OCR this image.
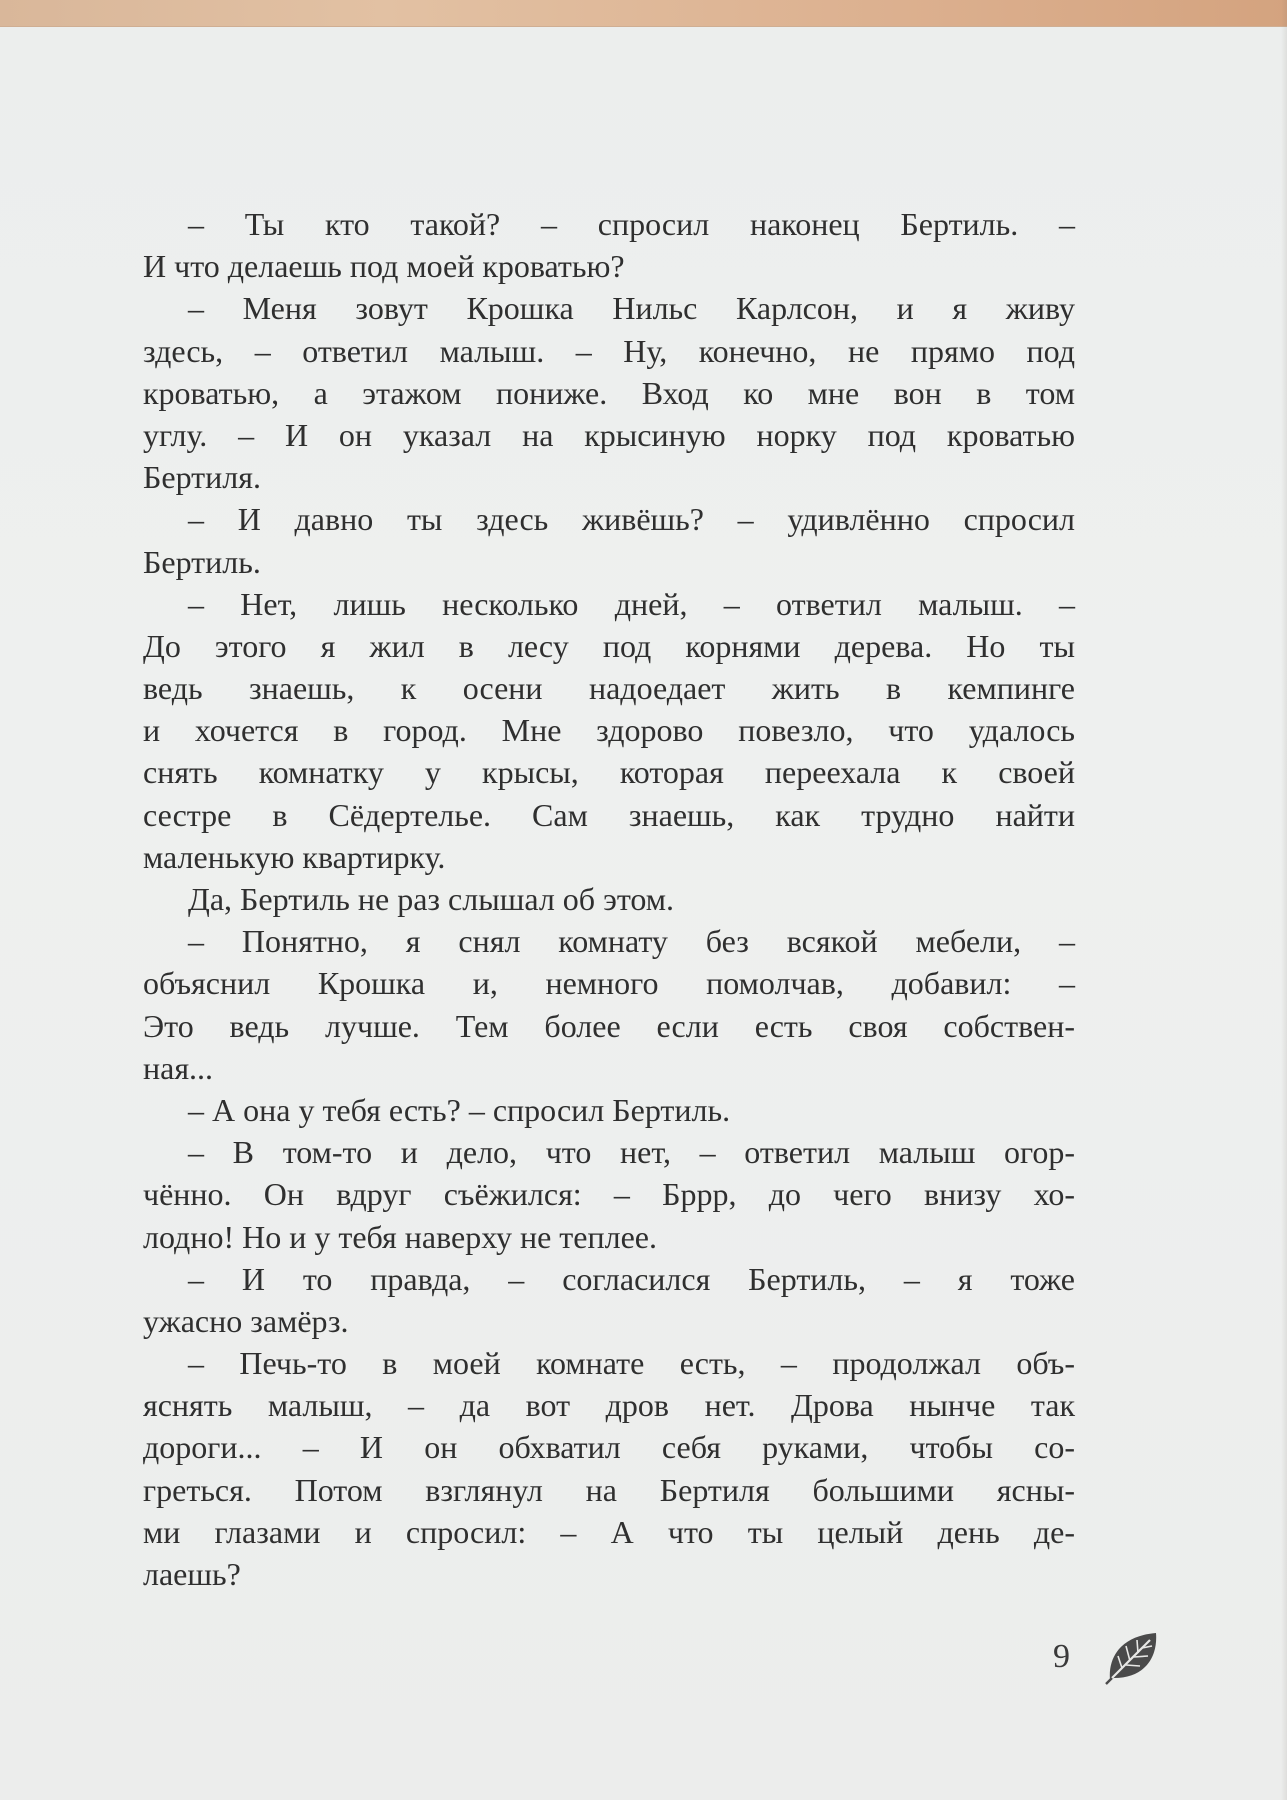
– Ты кто такой? – спросил наконец Бертиль. –
И что делаешь под моей кроватью?
– Меня зовут Крошка Нильс Карлсон, и я живу
здесь, – ответил малыш. – Ну, конечно, не прямо под
кроватью, а этажом пониже. Вход ко мне вон в том
углу. – И он указал на крысиную норку под кроватью
Бертиля.
– И давно ты здесь живёшь? – удивлённо спросил
Бертиль.
– Нет, лишь несколько дней, – ответил малыш. –
До этого я жил в лесу под корнями дерева. Но ты
ведь знаешь, к осени надоедает жить в кемпинге
и хочется в город. Мне здорово повезло, что удалось
снять комнатку у крысы, которая переехала к своей
сестре в Сёдертелье. Сам знаешь, как трудно найти
маленькую квартирку.
Да, Бертиль не раз слышал об этом.
– Понятно, я снял комнату без всякой мебели, –
объяснил Крошка и, немного помолчав, добавил: –
Это ведь лучше. Тем более если есть своя собствен-
ная...
– А она у тебя есть? – спросил Бертиль.
– В том-то и дело, что нет, – ответил малыш огор-
чённо. Он вдруг съёжился: – Бррр, до чего внизу хо-
лодно! Но и у тебя наверху не теплее.
– И то правда, – согласился Бертиль, – я тоже
ужасно замёрз.
– Печь-то в моей комнате есть, – продолжал объ-
яснять малыш, – да вот дров нет. Дрова нынче так
дороги... – И он обхватил себя руками, чтобы со-
греться. Потом взглянул на Бертиля большими ясны-
ми глазами и спросил: – А что ты целый день де-
лаешь?
9
